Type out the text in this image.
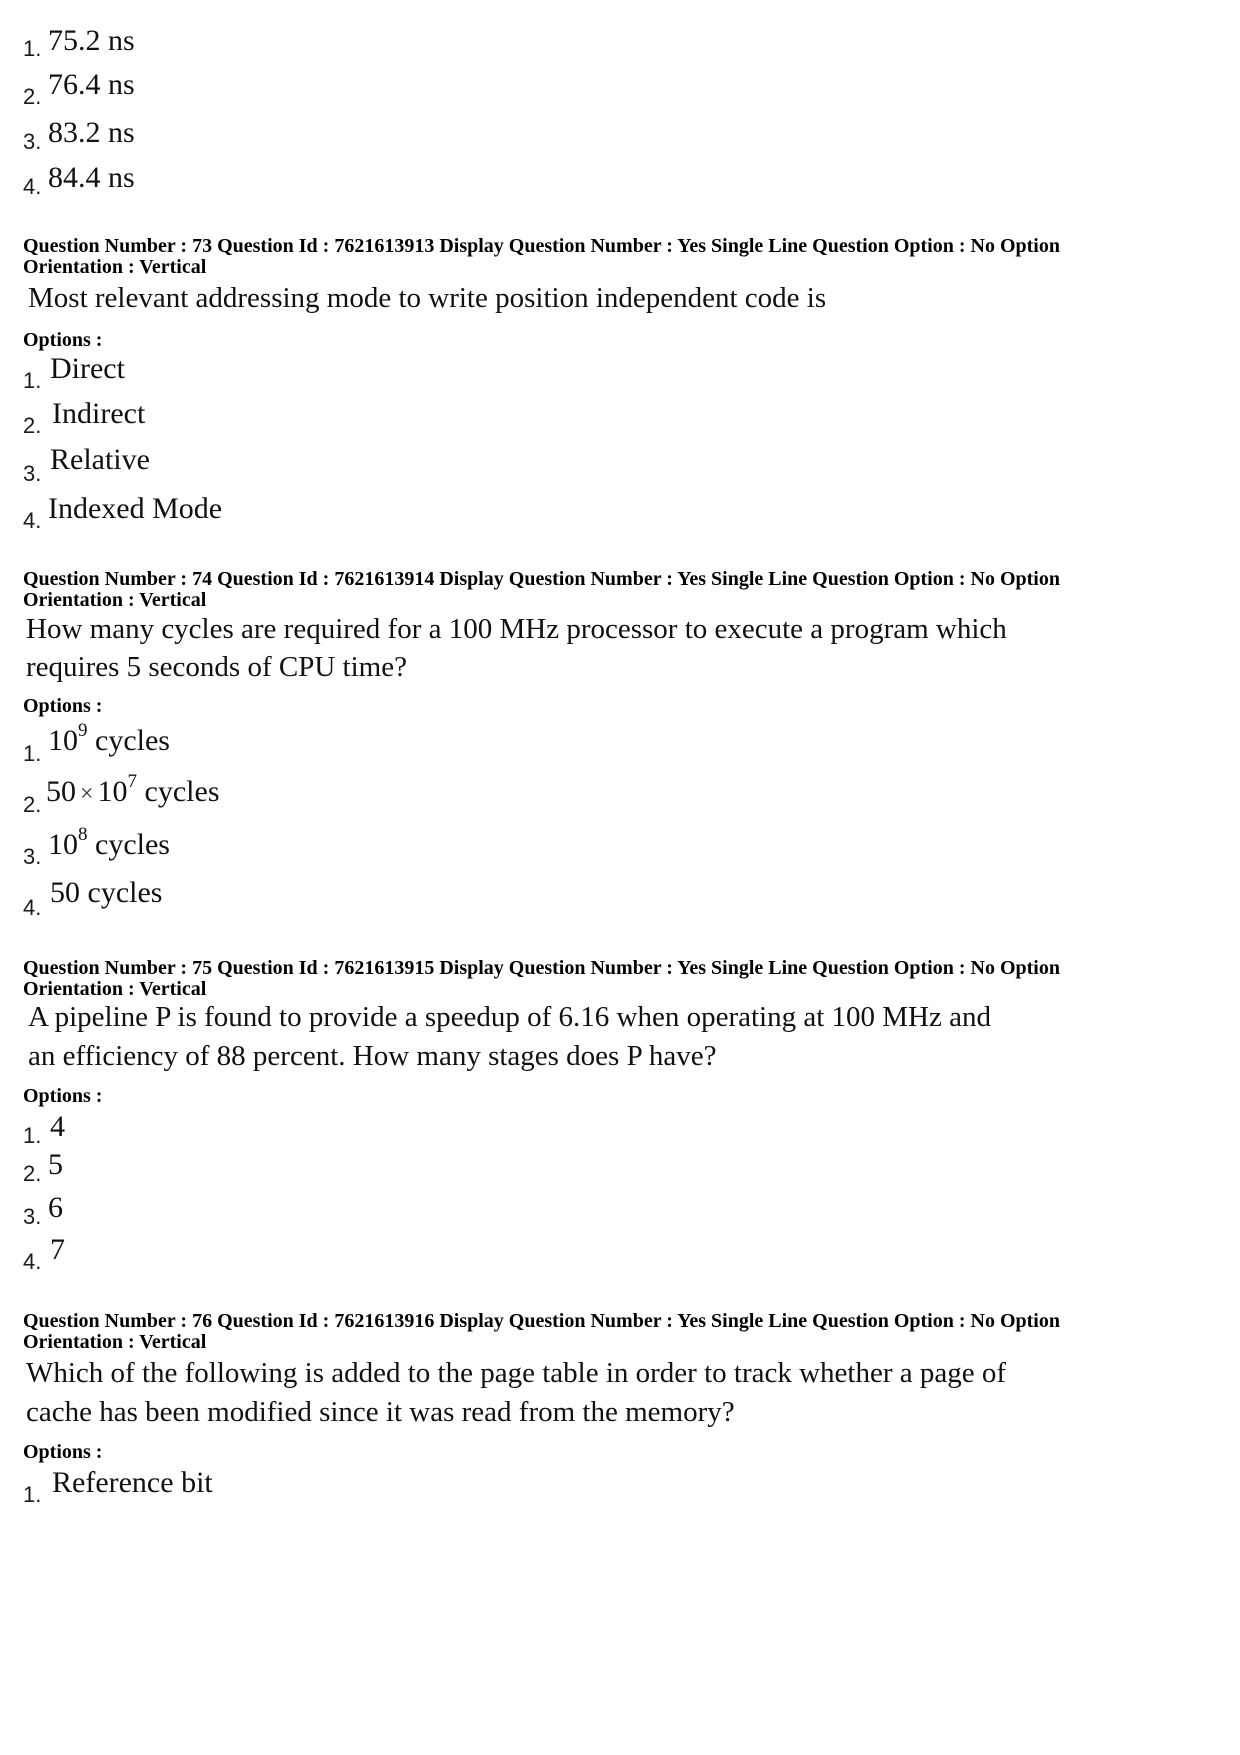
1. 75.2 ns
2. 76.4 ns
3. 83.2 ns
4. 84.4 ns
Question Number : 73 Question Id : 7621613913 Display Question Number : Yes Single Line Question Option : No Option
Orientation : Vertical
Most relevant addressing mode to write position independent code is
Options :
1. Direct
2. Indirect
3. Relative
4. Indexed Mode
Question Number : 74 Question Id : 7621613914 Display Question Number : Yes Single Line Question Option : No Option
Orientation : Vertical
How many cycles are required for a 100 MHz processor to execute a program which
requires 5 seconds of CPU time?
Options :
1. $10^9$ cycles
2. $50 \times 10^7$ cycles
3. $10^8$ cycles
4. 50 cycles
Question Number : 75 Question Id : 7621613915 Display Question Number : Yes Single Line Question Option : No Option
Orientation : Vertical
A pipeline P is found to provide a speedup of 6.16 when operating at 100 MHz and
an efficiency of 88 percent. How many stages does P have?
Options :
1. 4
2. 5
3. 6
4. 7
Question Number : 76 Question Id : 7621613916 Display Question Number : Yes Single Line Question Option : No Option
Orientation : Vertical
Which of the following is added to the page table in order to track whether a page of
cache has been modified since it was read from the memory?
Options :
1. Reference bit
